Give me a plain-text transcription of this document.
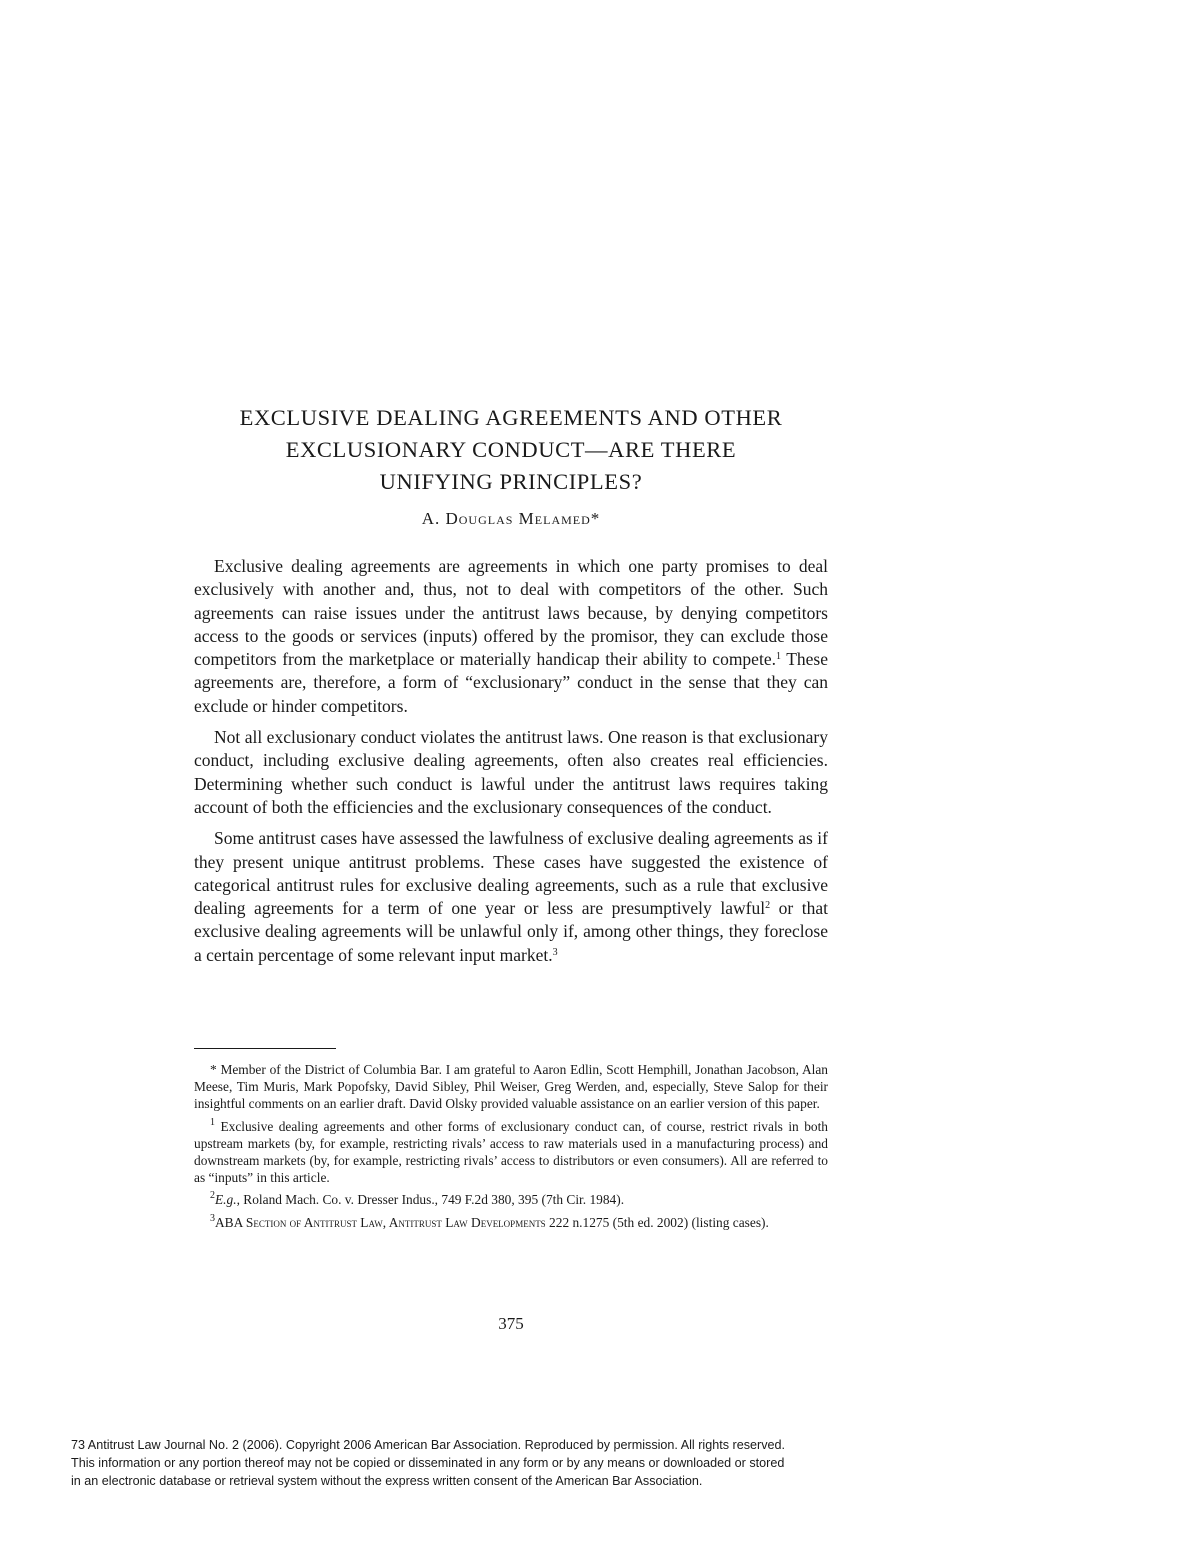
EXCLUSIVE DEALING AGREEMENTS AND OTHER
EXCLUSIONARY CONDUCT—ARE THERE
UNIFYING PRINCIPLES?
A. Douglas Melamed*

Exclusive dealing agreements are agreements in which one party promises to deal exclusively with another and, thus, not to deal with competitors of the other. Such agreements can raise issues under the antitrust laws because, by denying competitors access to the goods or services (inputs) offered by the promisor, they can exclude those competitors from the marketplace or materially handicap their ability to compete.$^1$ These agreements are, therefore, a form of “exclusionary” conduct in the sense that they can exclude or hinder competitors.

Not all exclusionary conduct violates the antitrust laws. One reason is that exclusionary conduct, including exclusive dealing agreements, often also creates real efficiencies. Determining whether such conduct is lawful under the antitrust laws requires taking account of both the efficiencies and the exclusionary consequences of the conduct.

Some antitrust cases have assessed the lawfulness of exclusive dealing agreements as if they present unique antitrust problems. These cases have suggested the existence of categorical antitrust rules for exclusive dealing agreements, such as a rule that exclusive dealing agreements for a term of one year or less are presumptively lawful$^2$ or that exclusive dealing agreements will be unlawful only if, among other things, they foreclose a certain percentage of some relevant input market.$^3$

* Member of the District of Columbia Bar. I am grateful to Aaron Edlin, Scott Hemphill, Jonathan Jacobson, Alan Meese, Tim Muris, Mark Popofsky, David Sibley, Phil Weiser, Greg Werden, and, especially, Steve Salop for their insightful comments on an earlier draft. David Olsky provided valuable assistance on an earlier version of this paper.

$^1$ Exclusive dealing agreements and other forms of exclusionary conduct can, of course, restrict rivals in both upstream markets (by, for example, restricting rivals’ access to raw materials used in a manufacturing process) and downstream markets (by, for example, restricting rivals’ access to distributors or even consumers). All are referred to as “inputs” in this article.

$^2$E.g., Roland Mach. Co. v. Dresser Indus., 749 F.2d 380, 395 (7th Cir. 1984).

$^3$ABA Section of Antitrust Law, Antitrust Law Developments 222 n.1275 (5th ed. 2002) (listing cases).

375
73 Antitrust Law Journal No. 2 (2006). Copyright 2006 American Bar Association. Reproduced by permission. All rights reserved.
This information or any portion thereof may not be copied or disseminated in any form or by any means or downloaded or stored
in an electronic database or retrieval system without the express written consent of the American Bar Association.
